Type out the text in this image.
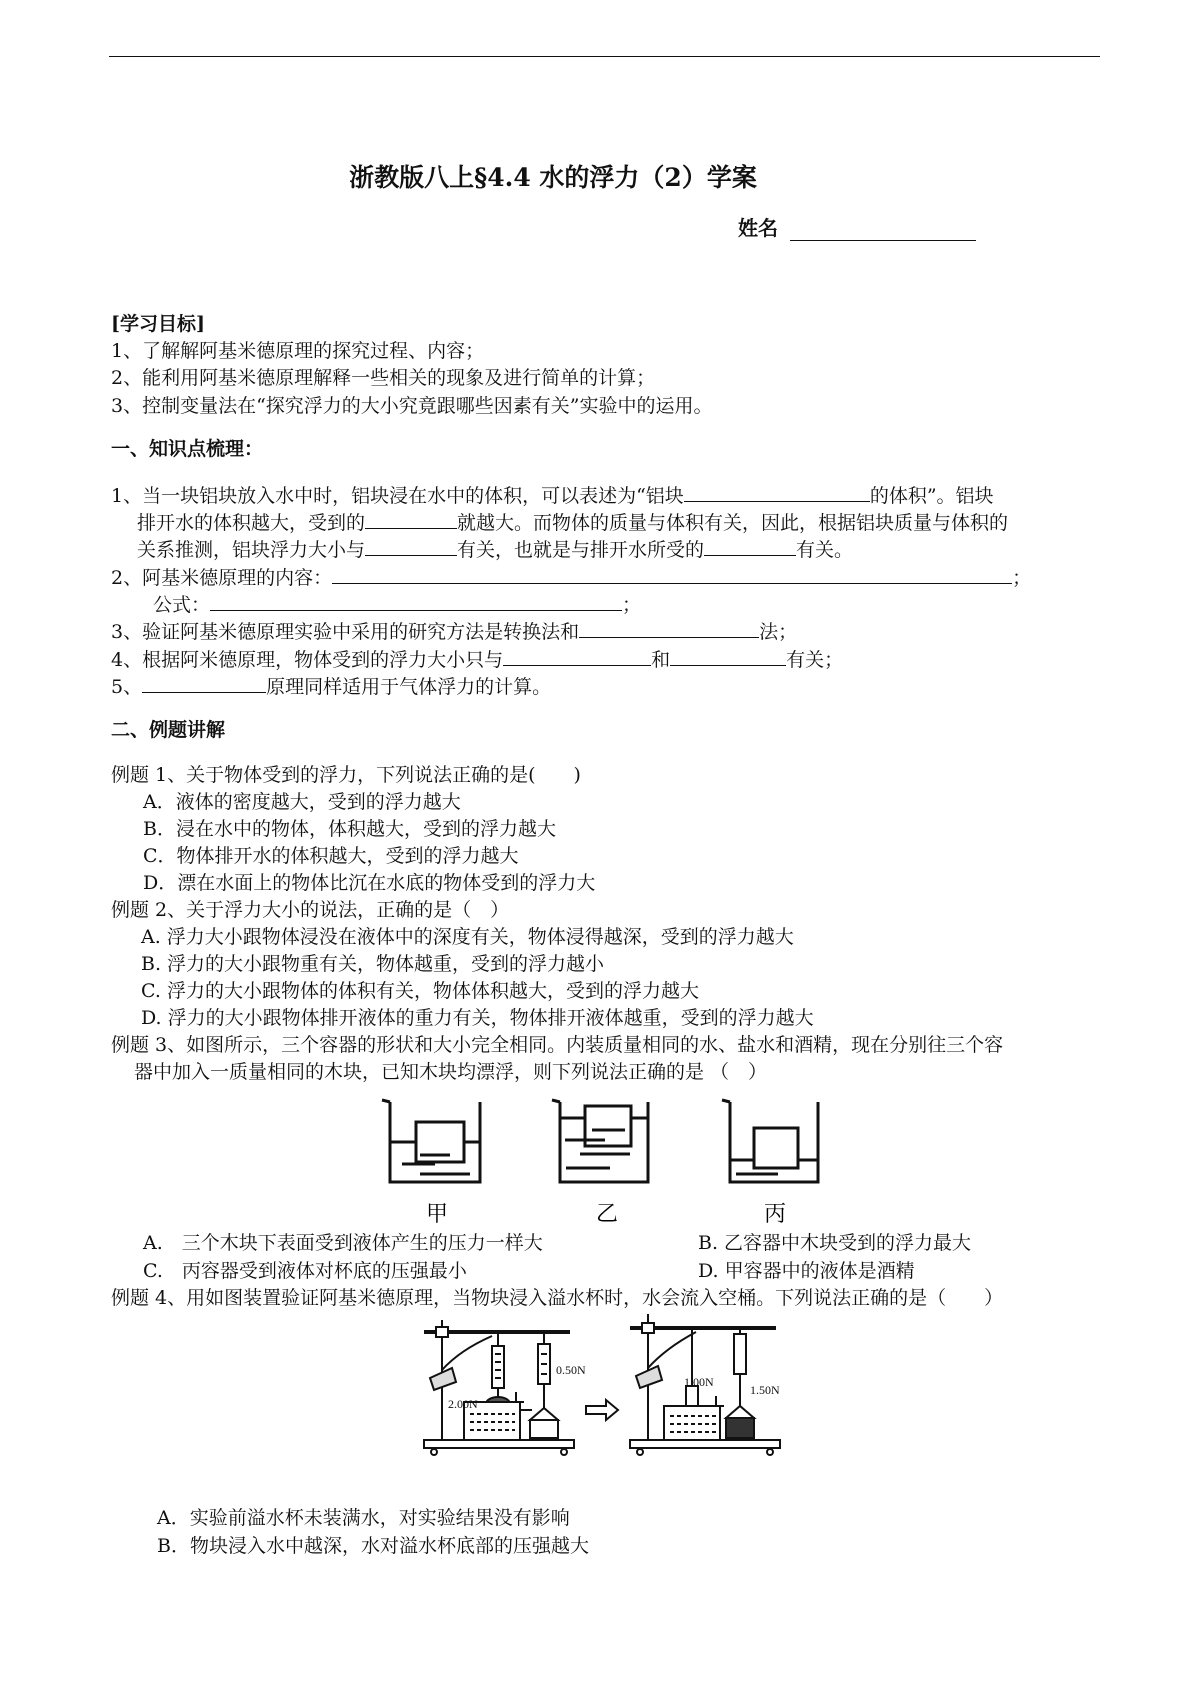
浙教版八上§4.4 水的浮力（2）学案
姓名
[学习目标]
1、了解解阿基米德原理的探究过程、内容；
2、能利用阿基米德原理解释一些相关的现象及进行简单的计算；
3、控制变量法在“探究浮力的大小究竟跟哪些因素有关”实验中的运用。
一、知识点梳理：
1、当一块铝块放入水中时，铝块浸在水中的体积，可以表述为“铝块	的体积”。铝块
排开水的体积越大，受到的	就越大。而物体的质量与体积有关，因此，根据铝块质量与体积的
关系推测，铝块浮力大小与	有关，也就是与排开水所受的	有关。
2、阿基米德原理的内容：	；
公式：	；
3、验证阿基米德原理实验中采用的研究方法是转换法和	法；
4、根据阿米德原理，物体受到的浮力大小只与	和	有关；
5、	原理同样适用于气体浮力的计算。
二、例题讲解
例题 1、关于物体受到的浮力，下列说法正确的是(　　)
A．液体的密度越大，受到的浮力越大
B．浸在水中的物体，体积越大，受到的浮力越大
C．物体排开水的体积越大，受到的浮力越大
D．漂在水面上的物体比沉在水底的物体受到的浮力大
例题 2、关于浮力大小的说法，正确的是（　）
A. 浮力大小跟物体浸没在液体中的深度有关，物体浸得越深，受到的浮力越大
B. 浮力的大小跟物重有关，物体越重，受到的浮力越小
C. 浮力的大小跟物体的体积有关，物体体积越大，受到的浮力越大
D. 浮力的大小跟物体排开液体的重力有关，物体排开液体越重，受到的浮力越大
例题 3、如图所示，三个容器的形状和大小完全相同。内装质量相同的水、盐水和酒精，现在分别往三个容
器中加入一质量相同的木块，已知木块均漂浮，则下列说法正确的是 （　）
甲	乙	丙
A.　三个木块下表面受到液体产生的压力一样大	B. 乙容器中木块受到的浮力最大
C.　丙容器受到液体对杯底的压强最小	D. 甲容器中的液体是酒精
例题 4、用如图装置验证阿基米德原理，当物块浸入溢水杯时，水会流入空桶。下列说法正确的是（　　）
2.00N
0.50N
1.00N
1.50N
A．实验前溢水杯未装满水，对实验结果没有影响
B．物块浸入水中越深，水对溢水杯底部的压强越大
